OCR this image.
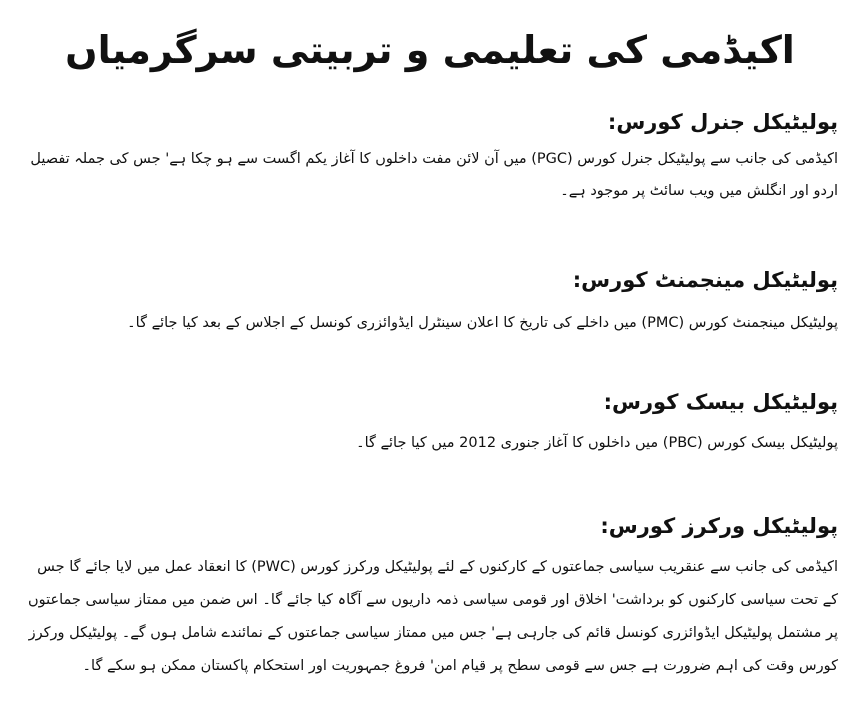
اکیڈمی کی تعلیمی و تربیتی سرگرمیاں
پولیٹیکل جنرل کورس:

اکیڈمی کی جانب سے پولیٹیکل جنرل کورس (PGC) میں آن لائن مفت داخلوں کا آغاز یکم اگست سے ہو چکا ہے' جس کی جملہ تفصیل اردو اور انگلش میں ویب سائٹ پر موجود ہے۔

پولیٹیکل مینجمنٹ کورس:

پولیٹیکل مینجمنٹ کورس (PMC) میں داخلے کی تاریخ کا اعلان سینٹرل ایڈوائزری کونسل کے اجلاس کے بعد کیا جائے گا۔

پولیٹیکل بیسک کورس:

پولیٹیکل بیسک کورس (PBC) میں داخلوں کا آغاز جنوری 2012 میں کیا جائے گا۔

پولیٹیکل ورکرز کورس:

اکیڈمی کی جانب سے عنقریب سیاسی جماعتوں کے کارکنوں کے لئے پولیٹیکل ورکرز کورس (PWC) کا انعقاد عمل میں لایا جائے گا جس کے تحت سیاسی کارکنوں کو برداشت' اخلاق اور قومی سیاسی ذمہ داریوں سے آگاہ کیا جائے گا۔ اس ضمن میں ممتاز سیاسی جماعتوں پر مشتمل پولیٹیکل ایڈوائزری کونسل قائم کی جارہی ہے' جس میں ممتاز سیاسی جماعتوں کے نمائندے شامل ہوں گے۔ پولیٹیکل ورکرز کورس وقت کی اہم ضرورت ہے جس سے قومی سطح پر قیام امن' فروغ جمہوریت اور استحکام پاکستان ممکن ہو سکے گا۔
